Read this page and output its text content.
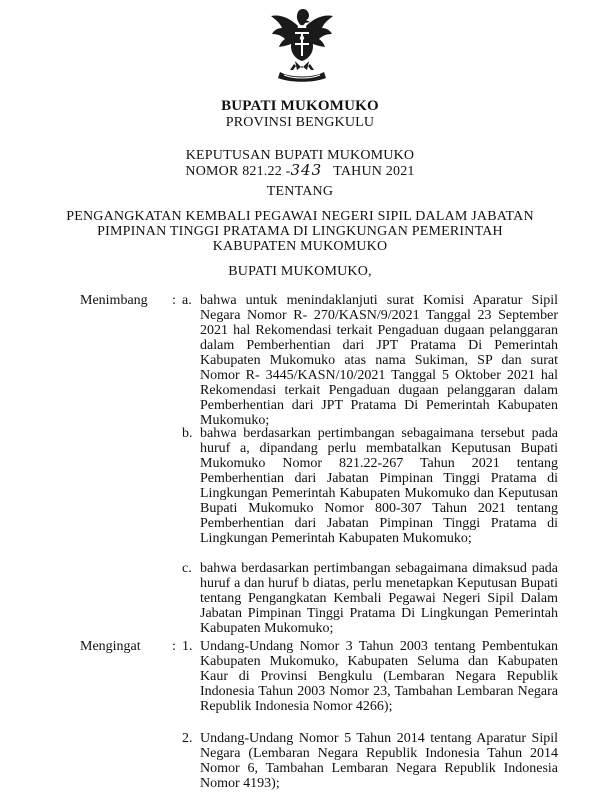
BUPATI MUKOMUKO
PROVINSI BENGKULU
KEPUTUSAN BUPATI MUKOMUKO
NOMOR 821.22 -343 TAHUN 2021
TENTANG
PENGANGKATAN KEMBALI PEGAWAI NEGERI SIPIL DALAM JABATAN
PIMPINAN TINGGI PRATAMA DI LINGKUNGAN PEMERINTAH
KABUPATEN MUKOMUKO
BUPATI MUKOMUKO,
Menimbang : a. bahwa untuk menindaklanjuti surat Komisi Aparatur Sipil Negara Nomor R- 270/KASN/9/2021 Tanggal 23 September 2021 hal Rekomendasi terkait Pengaduan dugaan pelanggaran dalam Pemberhentian dari JPT Pratama Di Pemerintah Kabupaten Mukomuko atas nama Sukiman, SP dan surat Nomor R- 3445/KASN/10/2021 Tanggal 5 Oktober 2021 hal Rekomendasi terkait Pengaduan dugaan pelanggaran dalam Pemberhentian dari JPT Pratama Di Pemerintah Kabupaten Mukomuko;
b. bahwa berdasarkan pertimbangan sebagaimana tersebut pada huruf a, dipandang perlu membatalkan Keputusan Bupati Mukomuko Nomor 821.22-267 Tahun 2021 tentang Pemberhentian dari Jabatan Pimpinan Tinggi Pratama di Lingkungan Pemerintah Kabupaten Mukomuko dan Keputusan Bupati Mukomuko Nomor 800-307 Tahun 2021 tentang Pemberhentian dari Jabatan Pimpinan Tinggi Pratama di Lingkungan Pemerintah Kabupaten Mukomuko;
c. bahwa berdasarkan pertimbangan sebagaimana dimaksud pada huruf a dan huruf b diatas, perlu menetapkan Keputusan Bupati tentang Pengangkatan Kembali Pegawai Negeri Sipil Dalam Jabatan Pimpinan Tinggi Pratama Di Lingkungan Pemerintah Kabupaten Mukomuko;
Mengingat : 1. Undang-Undang Nomor 3 Tahun 2003 tentang Pembentukan Kabupaten Mukomuko, Kabupaten Seluma dan Kabupaten Kaur di Provinsi Bengkulu (Lembaran Negara Republik Indonesia Tahun 2003 Nomor 23, Tambahan Lembaran Negara Republik Indonesia Nomor 4266);
2. Undang-Undang Nomor 5 Tahun 2014 tentang Aparatur Sipil Negara (Lembaran Negara Republik Indonesia Tahun 2014 Nomor 6, Tambahan Lembaran Negara Republik Indonesia Nomor 4193);
